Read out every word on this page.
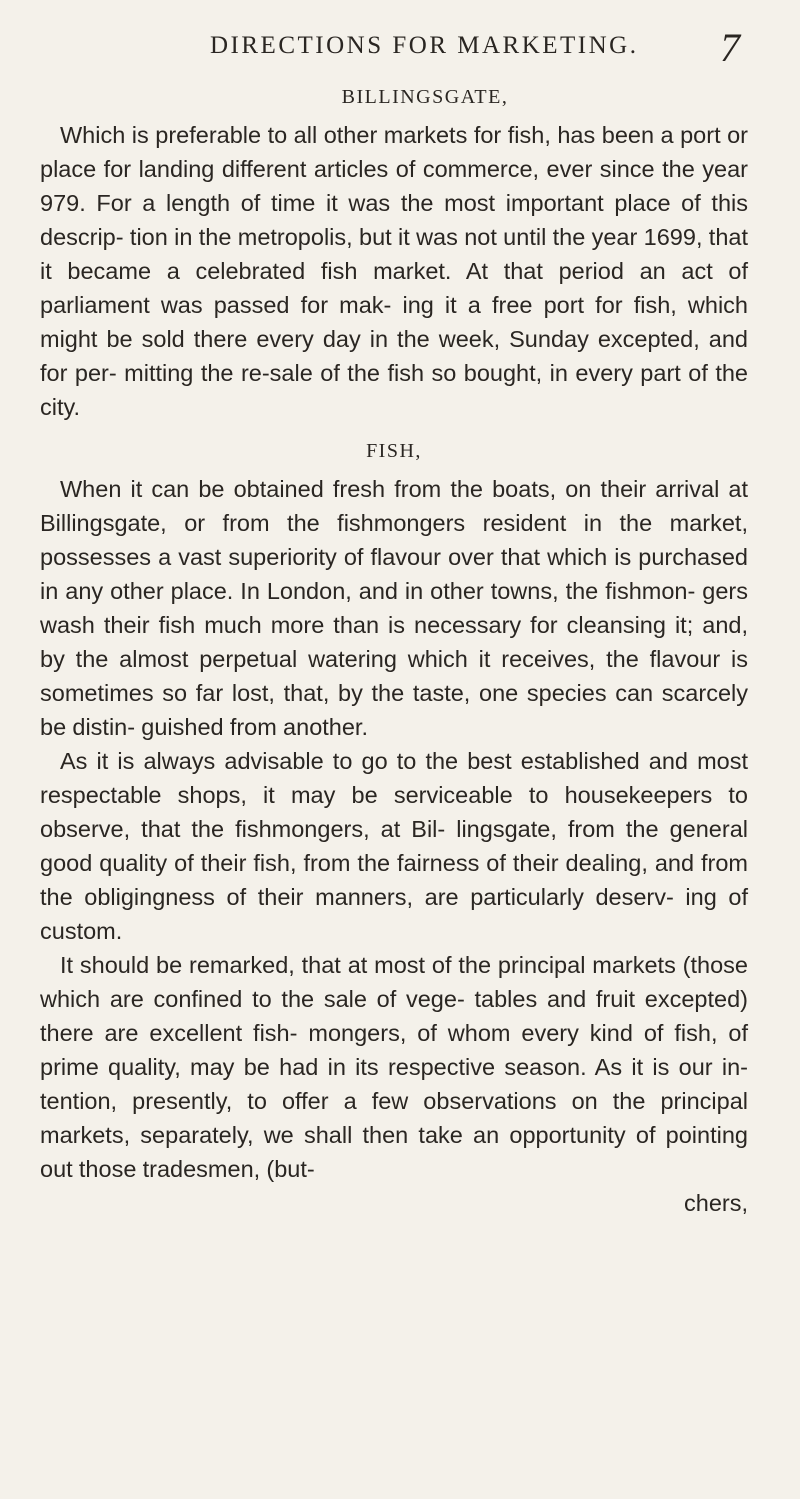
DIRECTIONS FOR MARKETING. 7
BILLINGSGATE,

Which is preferable to all other markets for fish, has been a port or place for landing different articles of commerce, ever since the year 979. For a length of time it was the most important place of this descrip- tion in the metropolis, but it was not until the year 1699, that it became a celebrated fish market. At that period an act of parliament was passed for mak- ing it a free port for fish, which might be sold there every day in the week, Sunday excepted, and for per- mitting the re-sale of the fish so bought, in every part of the city.

FISH,

When it can be obtained fresh from the boats, on their arrival at Billingsgate, or from the fishmongers resident in the market, possesses a vast superiority of flavour over that which is purchased in any other place. In London, and in other towns, the fishmon- gers wash their fish much more than is necessary for cleansing it; and, by the almost perpetual watering which it receives, the flavour is sometimes so far lost, that, by the taste, one species can scarcely be distin- guished from another.

As it is always advisable to go to the best established and most respectable shops, it may be serviceable to housekeepers to observe, that the fishmongers, at Bil- lingsgate, from the general good quality of their fish, from the fairness of their dealing, and from the obligingness of their manners, are particularly deserv- ing of custom.

It should be remarked, that at most of the principal markets (those which are confined to the sale of vege- tables and fruit excepted) there are excellent fish- mongers, of whom every kind of fish, of prime quality, may be had in its respective season. As it is our in- tention, presently, to offer a few observations on the principal markets, separately, we shall then take an opportunity of pointing out those tradesmen, (but-

chers,
